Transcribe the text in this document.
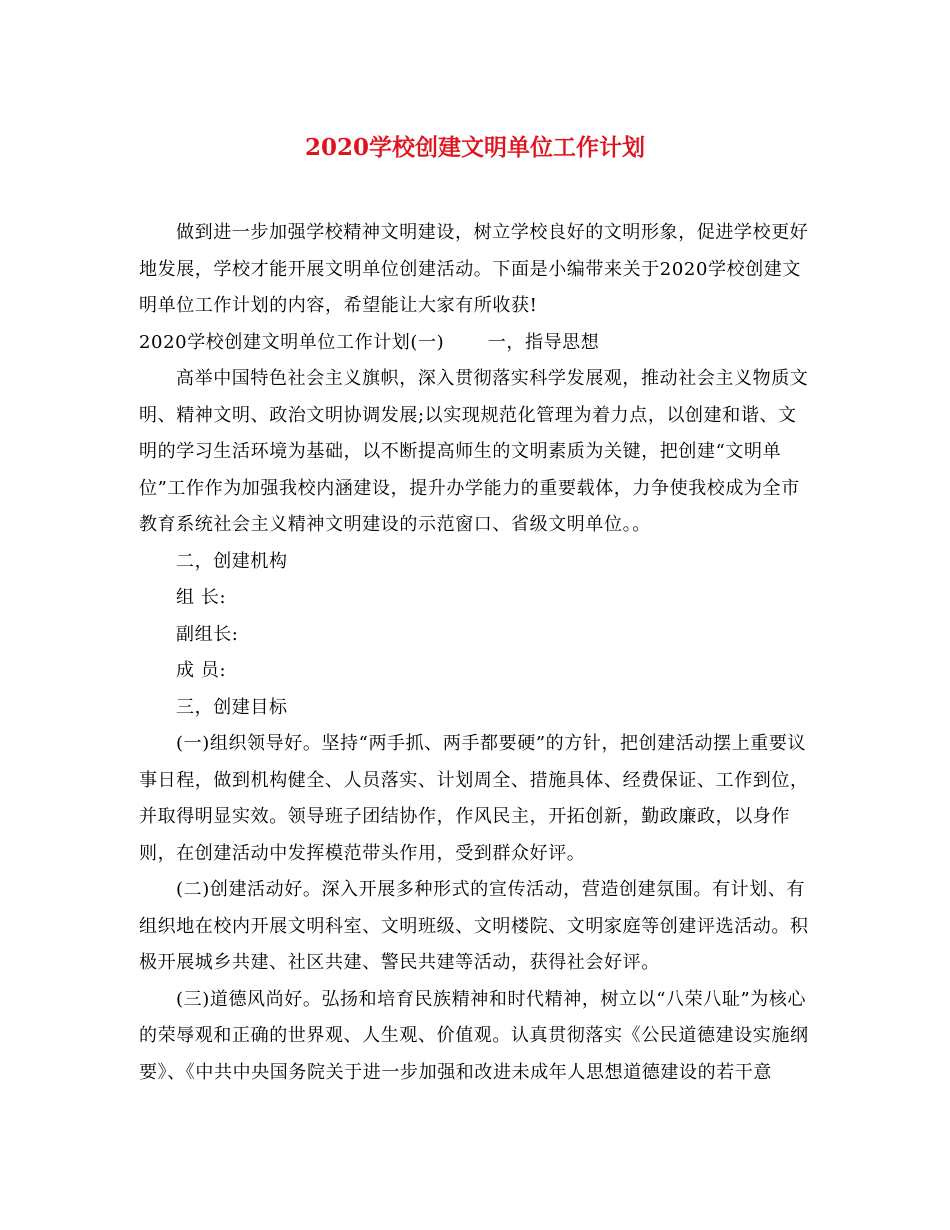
2020学校创建文明单位工作计划
做到进一步加强学校精神文明建设，树立学校良好的文明形象，促进学校更好
地发展，学校才能开展文明单位创建活动。下面是小编带来关于2020学校创建文
明单位工作计划的内容，希望能让大家有所收获!
2020学校创建文明单位工作计划(一)　　 一，指导思想
高举中国特色社会主义旗帜，深入贯彻落实科学发展观，推动社会主义物质文
明、精神文明、政治文明协调发展;以实现规范化管理为着力点，以创建和谐、文
明的学习生活环境为基础，以不断提高师生的文明素质为关键，把创建“文明单
位”工作作为加强我校内涵建设，提升办学能力的重要载体，力争使我校成为全市
教育系统社会主义精神文明建设的示范窗口、省级文明单位。。
二，创建机构
组 长:
副组长:
成 员:
三，创建目标
(一)组织领导好。坚持“两手抓、两手都要硬”的方针，把创建活动摆上重要议
事日程，做到机构健全、人员落实、计划周全、措施具体、经费保证、工作到位，
并取得明显实效。领导班子团结协作，作风民主，开拓创新，勤政廉政，以身作
则，在创建活动中发挥模范带头作用，受到群众好评。
(二)创建活动好。深入开展多种形式的宣传活动，营造创建氛围。有计划、有
组织地在校内开展文明科室、文明班级、文明楼院、文明家庭等创建评选活动。积
极开展城乡共建、社区共建、警民共建等活动，获得社会好评。
(三)道德风尚好。弘扬和培育民族精神和时代精神，树立以“八荣八耻”为核心
的荣辱观和正确的世界观、人生观、价值观。认真贯彻落实《公民道德建设实施纲
要》、《中共中央国务院关于进一步加强和改进未成年人思想道德建设的若干意
